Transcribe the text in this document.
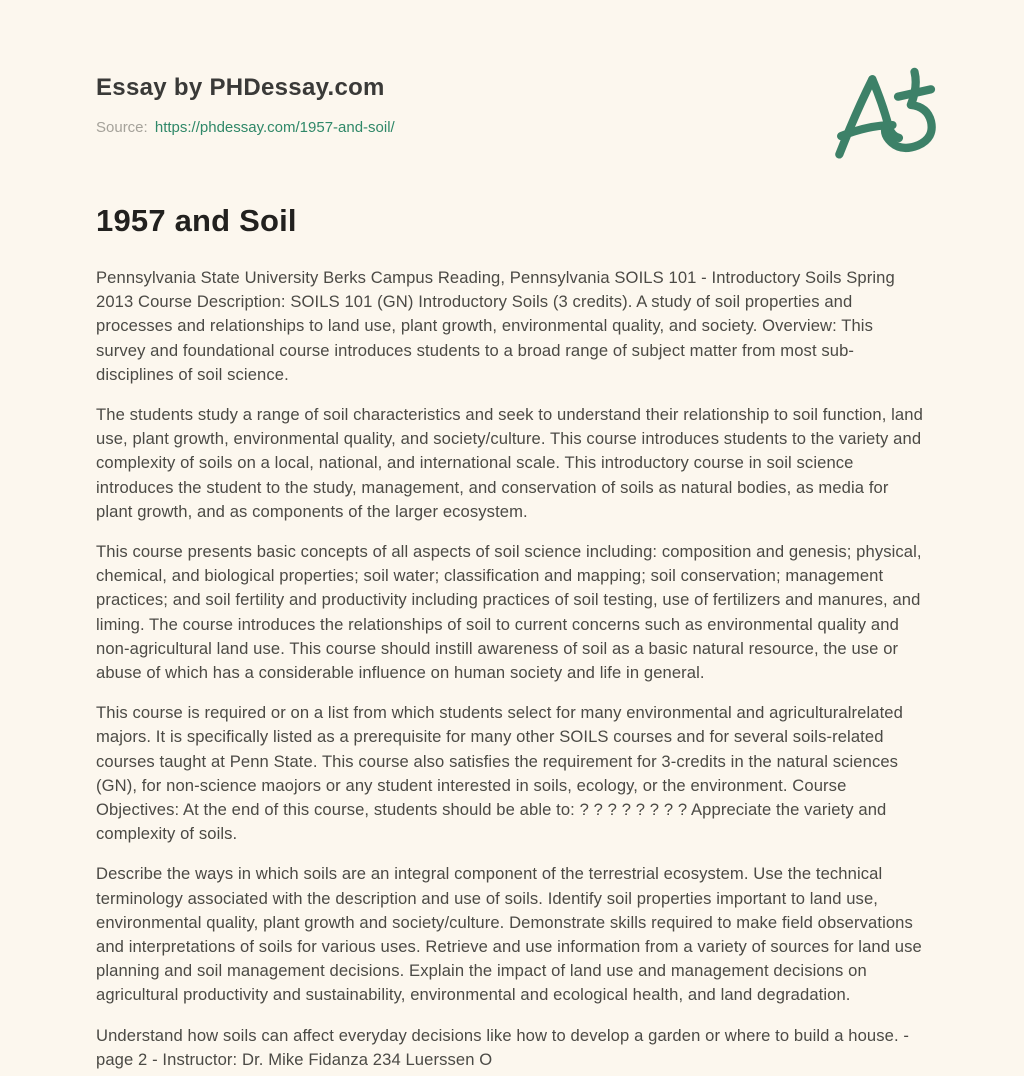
Essay by PHDessay.com

Source: https://phdessay.com/1957-and-soil/

1957 and Soil

Pennsylvania State University Berks Campus Reading, Pennsylvania SOILS 101 - Introductory Soils Spring 2013 Course Description: SOILS 101 (GN) Introductory Soils (3 credits). A study of soil properties and processes and relationships to land use, plant growth, environmental quality, and society. Overview: This survey and foundational course introduces students to a broad range of subject matter from most sub-disciplines of soil science.

The students study a range of soil characteristics and seek to understand their relationship to soil function, land use, plant growth, environmental quality, and society/culture. This course introduces students to the variety and complexity of soils on a local, national, and international scale. This introductory course in soil science introduces the student to the study, management, and conservation of soils as natural bodies, as media for plant growth, and as components of the larger ecosystem.

This course presents basic concepts of all aspects of soil science including: composition and genesis; physical, chemical, and biological properties; soil water; classification and mapping; soil conservation; management practices; and soil fertility and productivity including practices of soil testing, use of fertilizers and manures, and liming. The course introduces the relationships of soil to current concerns such as environmental quality and non-agricultural land use. This course should instill awareness of soil as a basic natural resource, the use or abuse of which has a considerable influence on human society and life in general.

This course is required or on a list from which students select for many environmental and agriculturalrelated majors. It is specifically listed as a prerequisite for many other SOILS courses and for several soils-related courses taught at Penn State. This course also satisfies the requirement for 3-credits in the natural sciences (GN), for non-science maojors or any student interested in soils, ecology, or the environment. Course Objectives: At the end of this course, students should be able to: ? ? ? ? ? ? ? ? Appreciate the variety and complexity of soils.

Describe the ways in which soils are an integral component of the terrestrial ecosystem. Use the technical terminology associated with the description and use of soils. Identify soil properties important to land use, environmental quality, plant growth and society/culture. Demonstrate skills required to make field observations and interpretations of soils for various uses. Retrieve and use information from a variety of sources for land use planning and soil management decisions. Explain the impact of land use and management decisions on agricultural productivity and sustainability, environmental and ecological health, and land degradation.

Understand how soils can affect everyday decisions like how to develop a garden or where to build a house. - page 2 - Instructor: Dr. Mike Fidanza 234 Luerssen O
